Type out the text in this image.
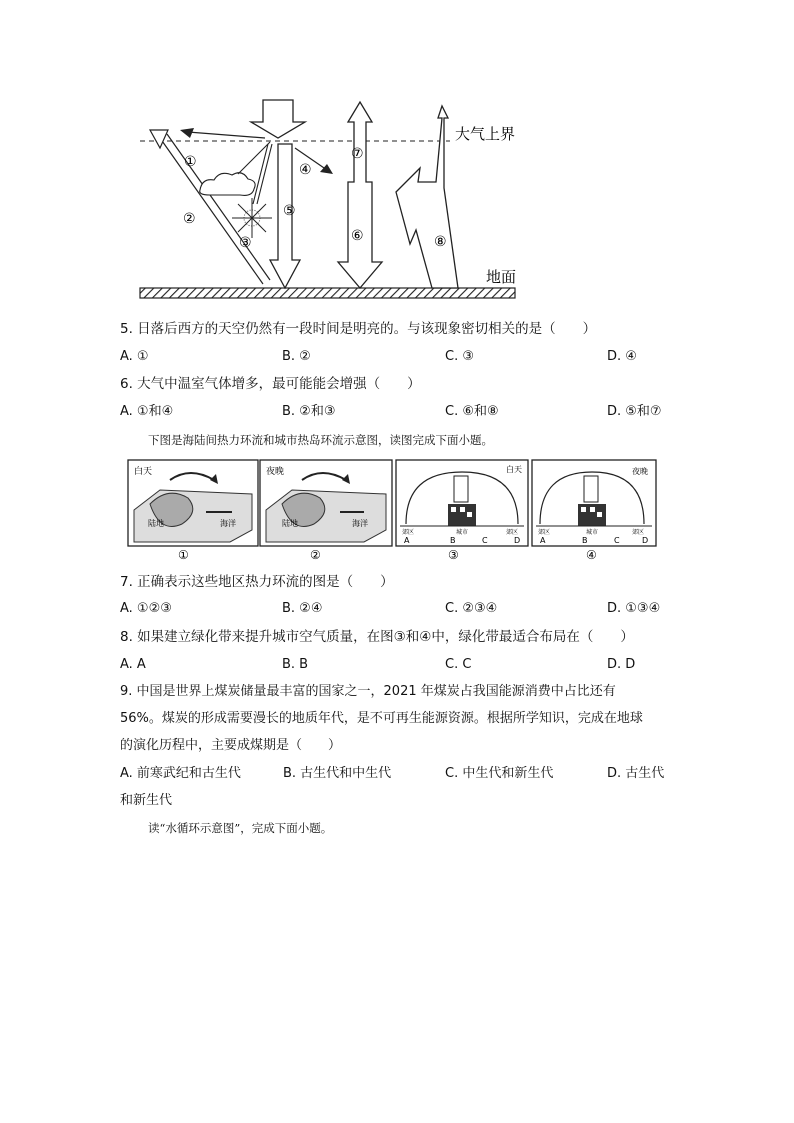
大气上界
地面
⑤
②
①
③
④
⑦
⑥	⑧
5. 日落后西方的天空仍然有一段时间是明亮的。与该现象密切相关的是（　　）
A. ①	B. ②	C. ③	D. ④
6. 大气中温室气体增多，最可能能会增强（　　）
A. ①和④	B. ②和③	C. ⑥和⑧	D. ⑤和⑦
下图是海陆间热力环流和城市热岛环流示意图，读图完成下面小题。
白天
陆地	海洋
①
夜晚
陆地	海洋
②
白天
郊区	城市	郊区
A	B	C	D
③
夜晚
郊区	城市	郊区
A	B	C	D
④
7. 正确表示这些地区热力环流的图是（　　）
A. ①②③	B. ②④	C. ②③④	D. ①③④
8. 如果建立绿化带来提升城市空气质量，在图③和④中，绿化带最适合布局在（　　）
A. A	B. B	C. C	D. D
9. 中国是世界上煤炭储量最丰富的国家之一，2021 年煤炭占我国能源消费中占比还有
56%。煤炭的形成需要漫长的地质年代，是不可再生能源资源。根据所学知识，完成在地球
的演化历程中，主要成煤期是（　　）
A. 前寒武纪和古生代	B. 古生代和中生代	C. 中生代和新生代	D. 古生代
和新生代
读“水循环示意图”，完成下面小题。
